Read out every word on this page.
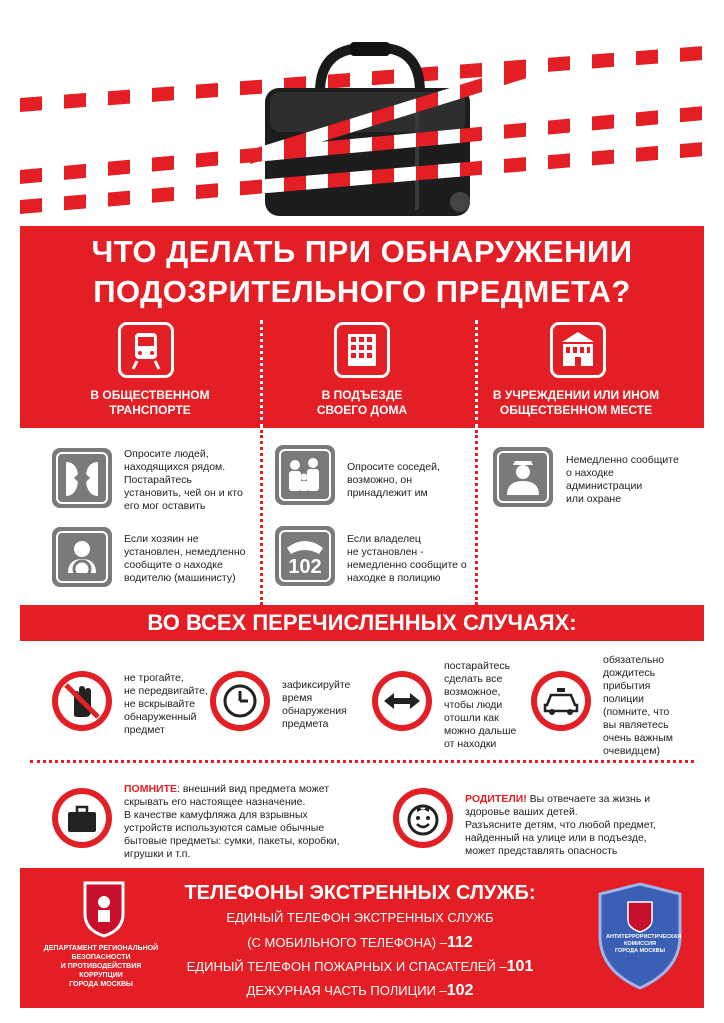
ЧТО ДЕЛАТЬ ПРИ ОБНАРУЖЕНИИ
ПОДОЗРИТЕЛЬНОГО ПРЕДМЕТА?
В ОБЩЕСТВЕННОМ
ТРАНСПОРТЕ
В ПОДЪЕЗДЕ
СВОЕГО ДОМА
В УЧРЕЖДЕНИИ ИЛИ ИНОМ
ОБЩЕСТВЕННОМ МЕСТЕ
Опросите людей,
находящихся рядом.
Постарайтесь
установить, чей он и кто
его мог оставить
Если хозяин не
установлен, немедленно
сообщите о находке
водителю (машинисту)
Опросите соседей,
возможно, он
принадлежит им
102
Если владелец
не установлен -
немедленно сообщите о
находке в полицию
Немедленно сообщите
о находке
администрации
или охране
ВО ВСЕХ ПЕРЕЧИСЛЕННЫХ СЛУЧАЯХ:
не трогайте,
не передвигайте,
не вскрывайте
обнаруженный
предмет
зафиксируйте
время
обнаружения
предмета
постарайтесь
сделать все
возможное,
чтобы люди
отошли как
можно дальше
от находки
обязательно
дождитесь
прибытия
полиции
(помните, что
вы являетесь
очень важным
очевидцем)
ПОМНИТЕ: внешний вид предмета может
скрывать его настоящее назначение.
В качестве камуфляжа для взрывных
устройств используются самые обычные
бытовые предметы: сумки, пакеты, коробки,
игрушки и т.п.
РОДИТЕЛИ! Вы отвечаете за жизнь и
здоровье ваших детей.
Разъясните детям, что любой предмет,
найденный на улице или в подъезде,
может представлять опасность
ДЕПАРТАМЕНТ РЕГИОНАЛЬНОЙ
БЕЗОПАСНОСТИ
И ПРОТИВОДЕЙСТВИЯ
КОРРУПЦИИ
ГОРОДА МОСКВЫ
ТЕЛЕФОНЫ ЭКСТРЕННЫХ СЛУЖБ:
ЕДИНЫЙ ТЕЛЕФОН ЭКСТРЕННЫХ СЛУЖБ
(С МОБИЛЬНОГО ТЕЛЕФОНА) –112
ЕДИНЫЙ ТЕЛЕФОН ПОЖАРНЫХ И СПАСАТЕЛЕЙ –101
ДЕЖУРНАЯ ЧАСТЬ ПОЛИЦИИ –102
АНТИТЕРРОРИСТИЧЕСКАЯ
КОМИССИЯ
ГОРОДА МОСКВЫ
